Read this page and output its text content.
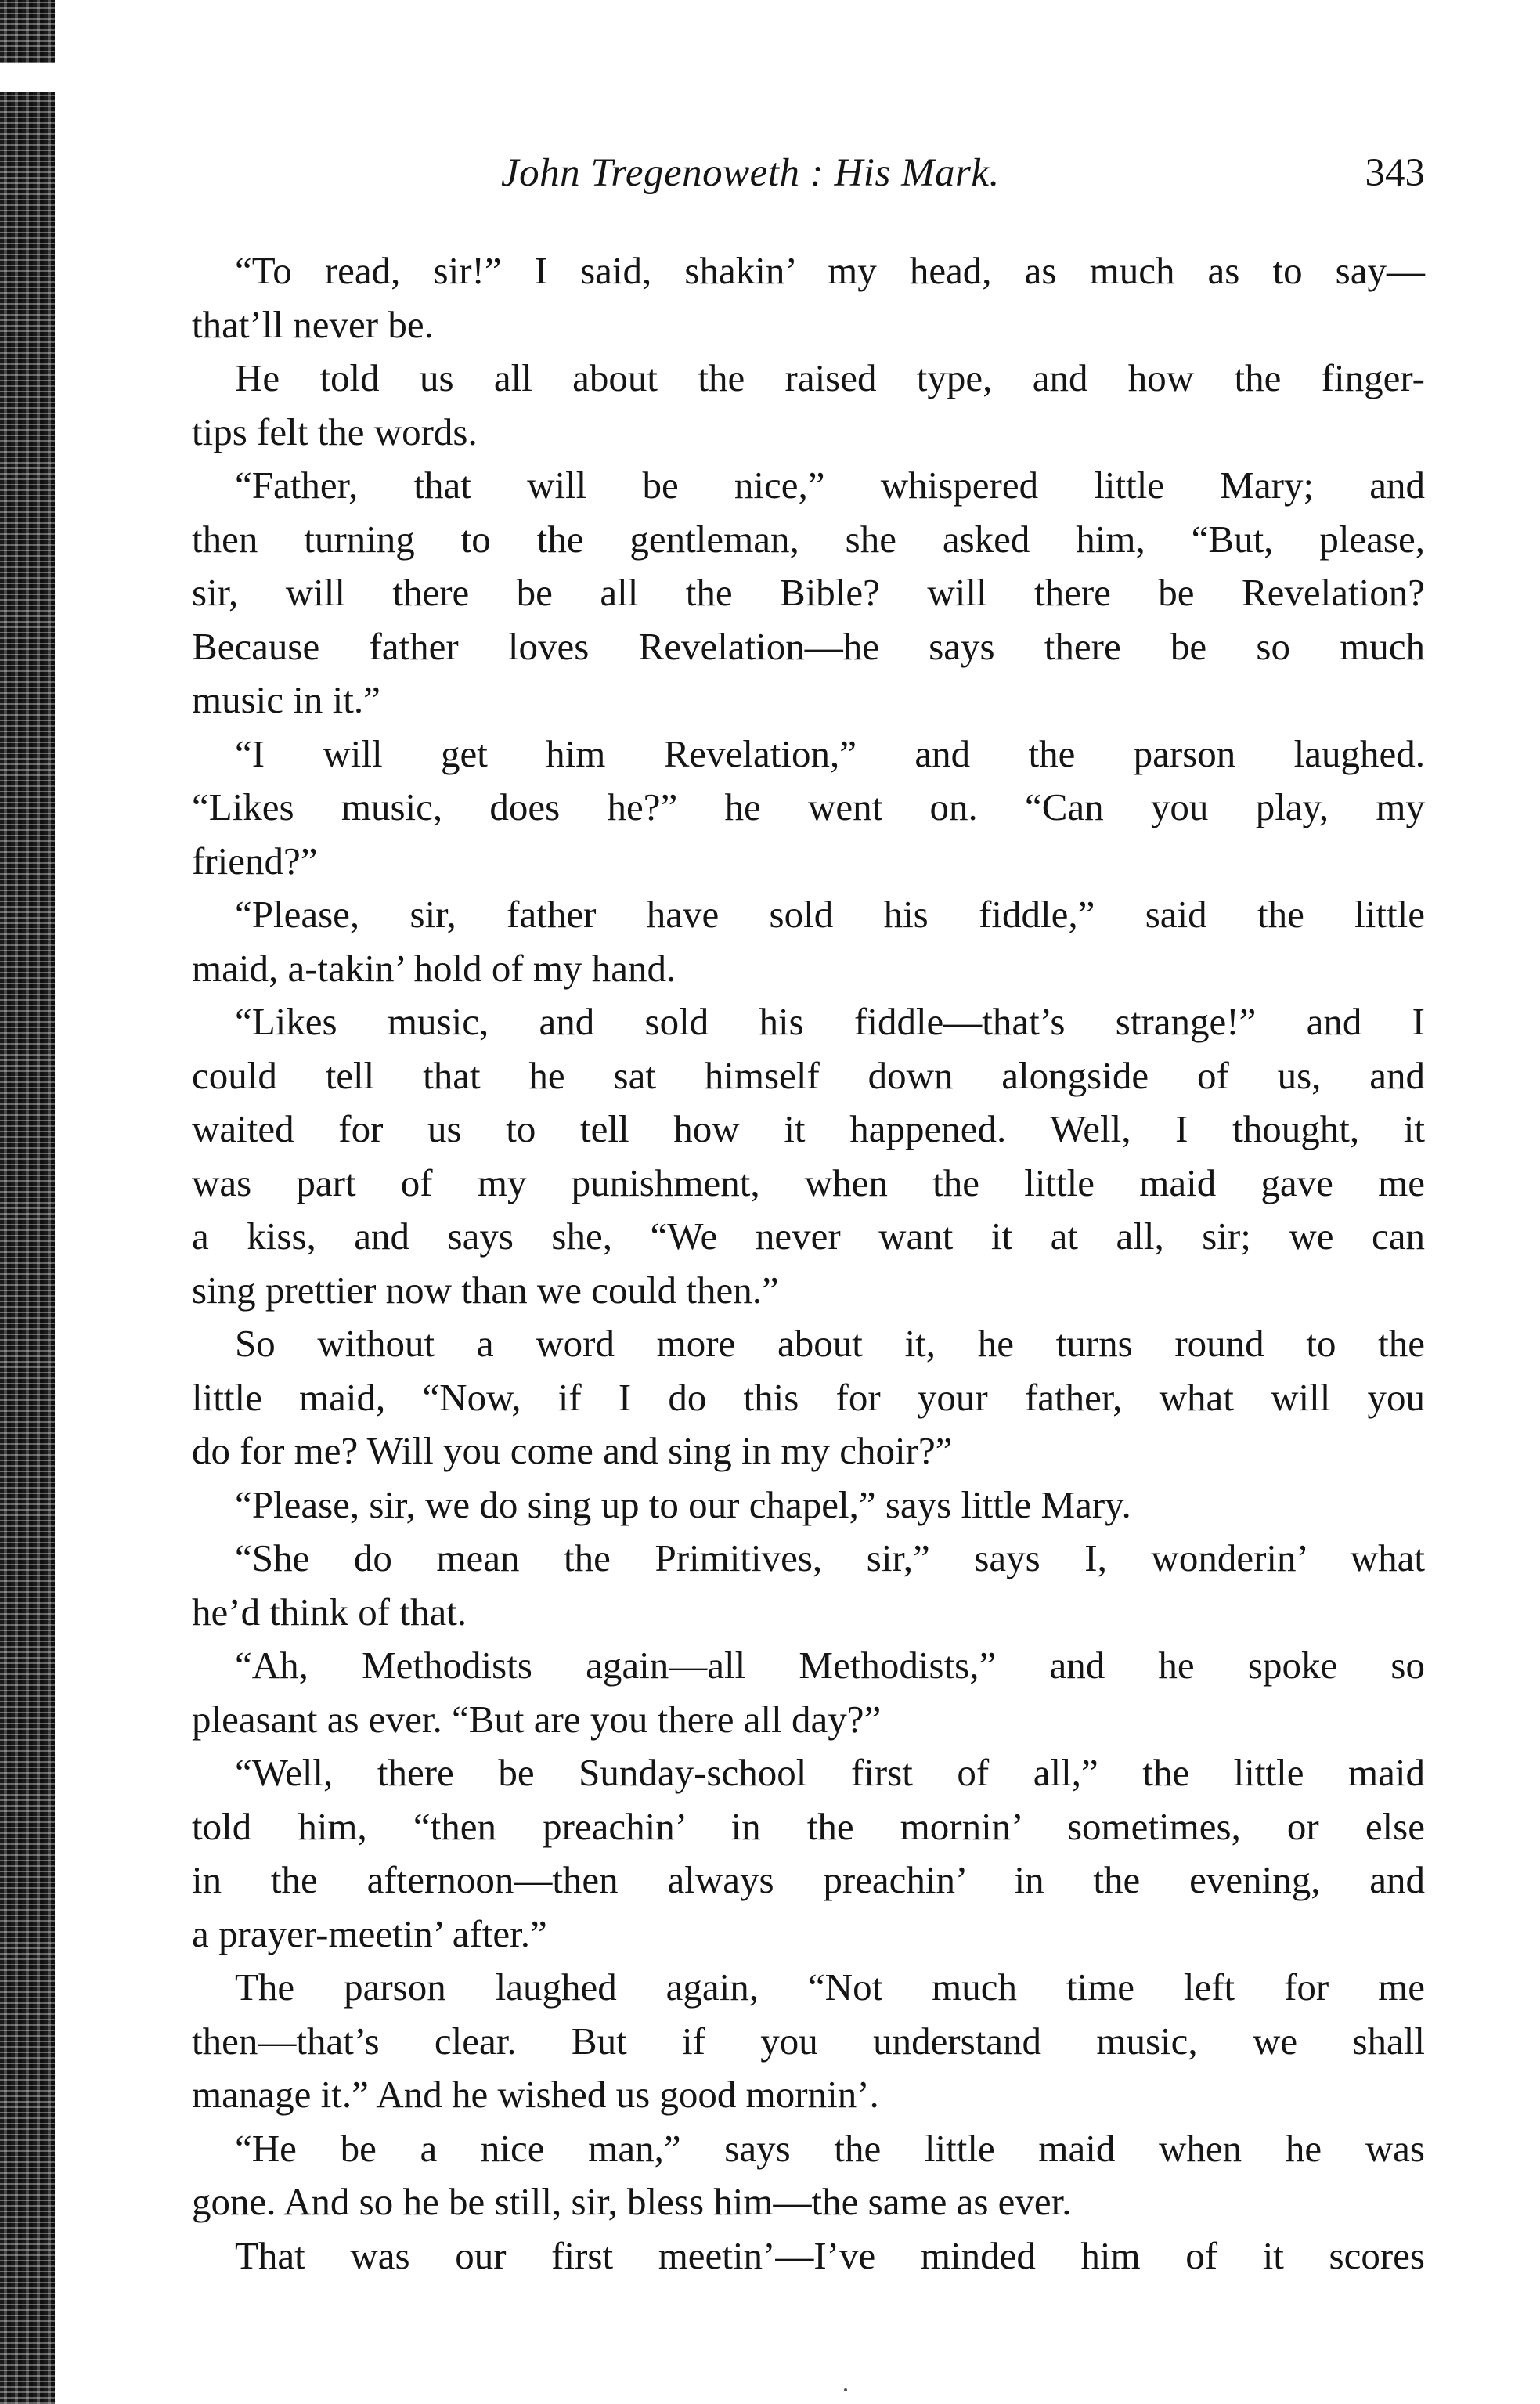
John Tregenoweth : His Mark.	343
“To read, sir!” I said, shakin’ my head, as much as to say—
that’ll never be.
He told us all about the raised type, and how the finger-
tips felt the words.
“Father, that will be nice,” whispered little Mary; and
then turning to the gentleman, she asked him, “But, please,
sir, will there be all the Bible? will there be Revelation?
Because father loves Revelation—he says there be so much
music in it.”
“I will get him Revelation,” and the parson laughed.
“Likes music, does he?” he went on. “Can you play, my
friend?”
“Please, sir, father have sold his fiddle,” said the little
maid, a-takin’ hold of my hand.
“Likes music, and sold his fiddle—that’s strange!” and I
could tell that he sat himself down alongside of us, and
waited for us to tell how it happened. Well, I thought, it
was part of my punishment, when the little maid gave me
a kiss, and says she, “We never want it at all, sir; we can
sing prettier now than we could then.”
So without a word more about it, he turns round to the
little maid, “Now, if I do this for your father, what will you
do for me? Will you come and sing in my choir?”
“Please, sir, we do sing up to our chapel,” says little Mary.
“She do mean the Primitives, sir,” says I, wonderin’ what
he’d think of that.
“Ah, Methodists again—all Methodists,” and he spoke so
pleasant as ever. “But are you there all day?”
“Well, there be Sunday-school first of all,” the little maid
told him, “then preachin’ in the mornin’ sometimes, or else
in the afternoon—then always preachin’ in the evening, and
a prayer-meetin’ after.”
The parson laughed again, “Not much time left for me
then—that’s clear. But if you understand music, we shall
manage it.” And he wished us good mornin’.
“He be a nice man,” says the little maid when he was
gone. And so he be still, sir, bless him—the same as ever.
That was our first meetin’—I’ve minded him of it scores
